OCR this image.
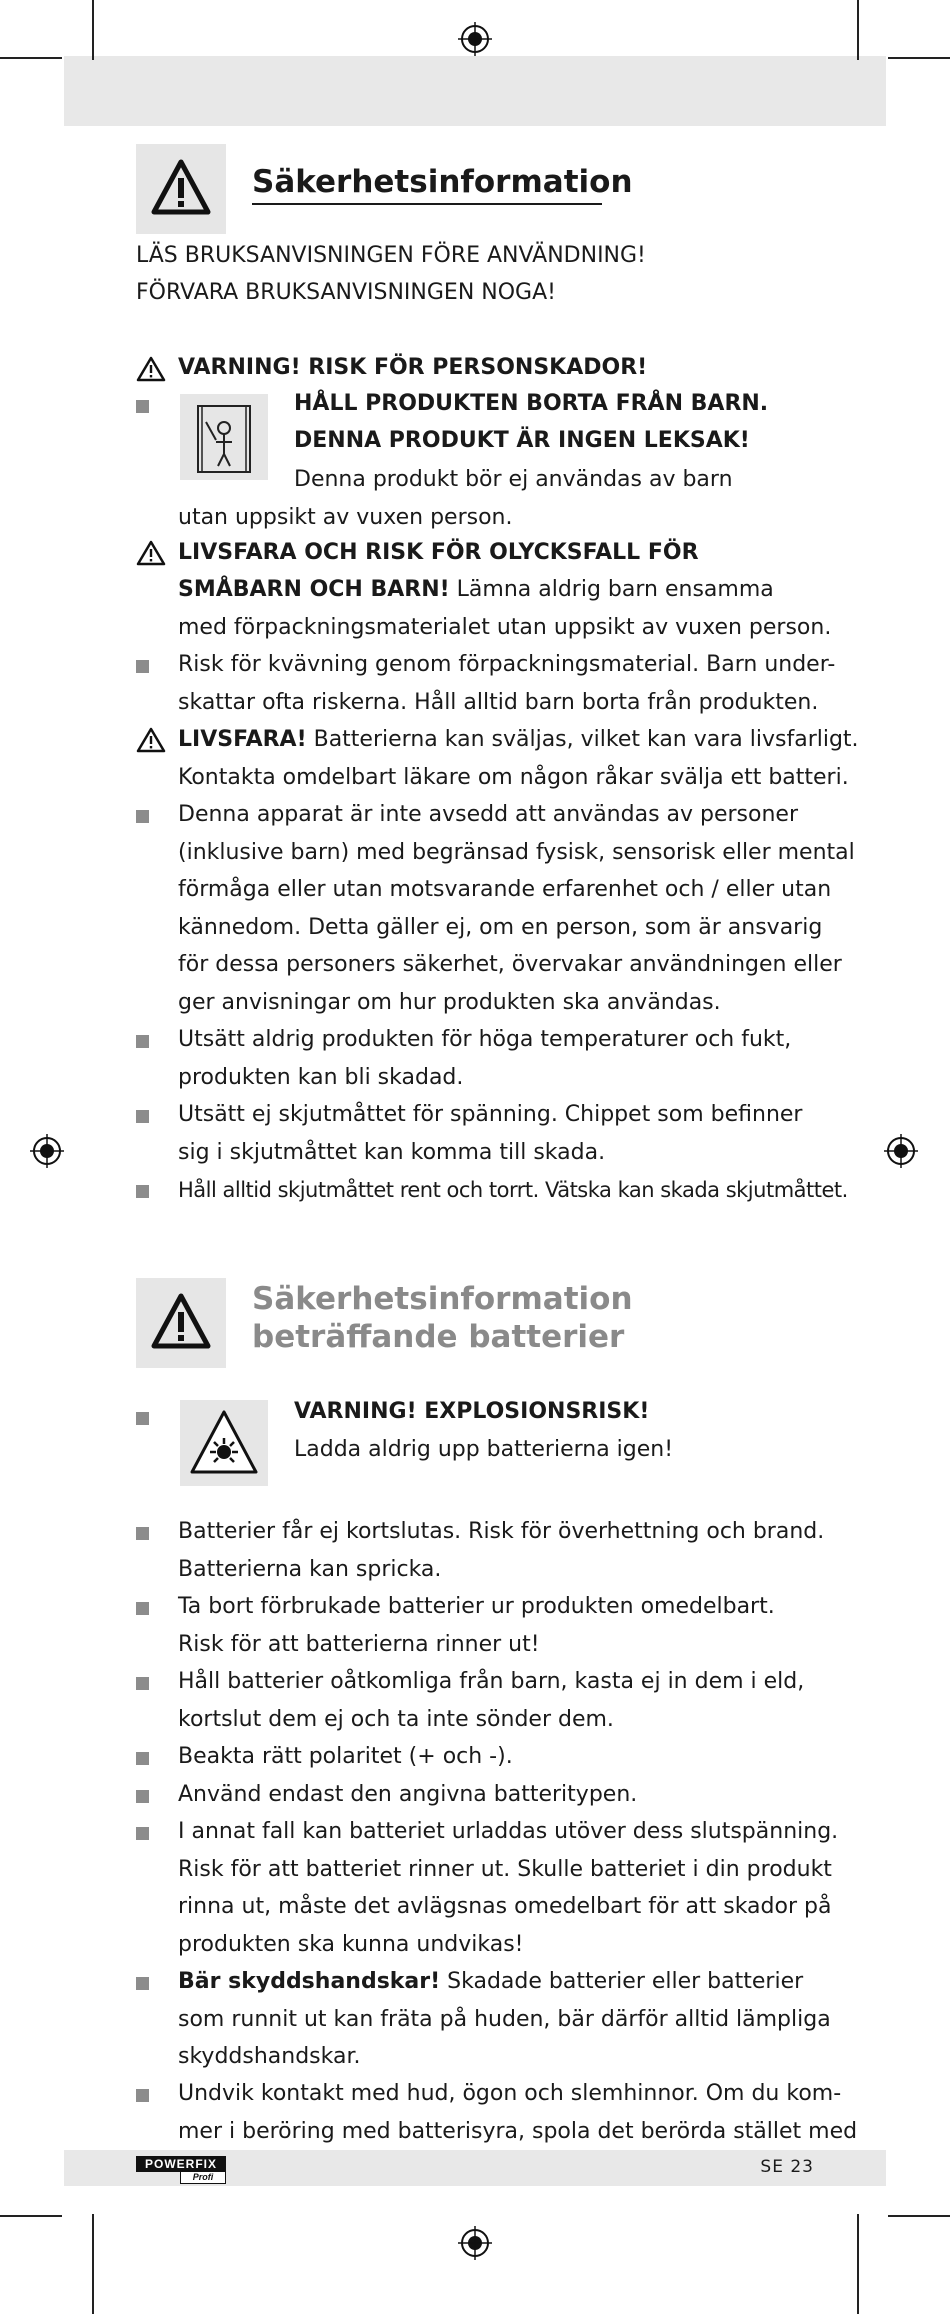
Säkerhetsinformation
LÄS BRUKSANVISNINGEN FÖRE ANVÄNDNING!
FÖRVARA BRUKSANVISNINGEN NOGA!
VARNING! RISK FÖR PERSONSKADOR!
HÅLL PRODUKTEN BORTA FRÅN BARN.
DENNA PRODUKT ÄR INGEN LEKSAK!
Denna produkt bör ej användas av barn
utan uppsikt av vuxen person.
LIVSFARA OCH RISK FÖR OLYCKSFALL FÖR
SMÅBARN OCH BARN! Lämna aldrig barn ensamma
med förpackningsmaterialet utan uppsikt av vuxen person.
Risk för kvävning genom förpackningsmaterial. Barn under-
skattar ofta riskerna. Håll alltid barn borta från produkten.
LIVSFARA! Batterierna kan sväljas, vilket kan vara livsfarligt.
Kontakta omdelbart läkare om någon råkar svälja ett batteri.
Denna apparat är inte avsedd att användas av personer
(inklusive barn) med begränsad fysisk, sensorisk eller mental
förmåga eller utan motsvarande erfarenhet och / eller utan
kännedom. Detta gäller ej, om en person, som är ansvarig
för dessa personers säkerhet, övervakar användningen eller
ger anvisningar om hur produkten ska användas.
Utsätt aldrig produkten för höga temperaturer och fukt,
produkten kan bli skadad.
Utsätt ej skjutmåttet för spänning. Chippet som befinner
sig i skjutmåttet kan komma till skada.
Håll alltid skjutmåttet rent och torrt. Vätska kan skada skjutmåttet.
Säkerhetsinformation
beträffande batterier
VARNING! EXPLOSIONSRISK!
Ladda aldrig upp batterierna igen!
Batterier får ej kortslutas. Risk för överhettning och brand.
Batterierna kan spricka.
Ta bort förbrukade batterier ur produkten omedelbart.
Risk för att batterierna rinner ut!
Håll batterier oåtkomliga från barn, kasta ej in dem i eld,
kortslut dem ej och ta inte sönder dem.
Beakta rätt polaritet (+ och -).
Använd endast den angivna batteritypen.
I annat fall kan batteriet urladdas utöver dess slutspänning.
Risk för att batteriet rinner ut. Skulle batteriet i din produkt
rinna ut, måste det avlägsnas omedelbart för att skador på
produkten ska kunna undvikas!
Bär skyddshandskar! Skadade batterier eller batterier
som runnit ut kan fräta på huden, bär därför alltid lämpliga
skyddshandskar.
Undvik kontakt med hud, ögon och slemhinnor. Om du kom-
mer i beröring med batterisyra, spola det berörda stället med
POWERFIX
Profi	SE 23
